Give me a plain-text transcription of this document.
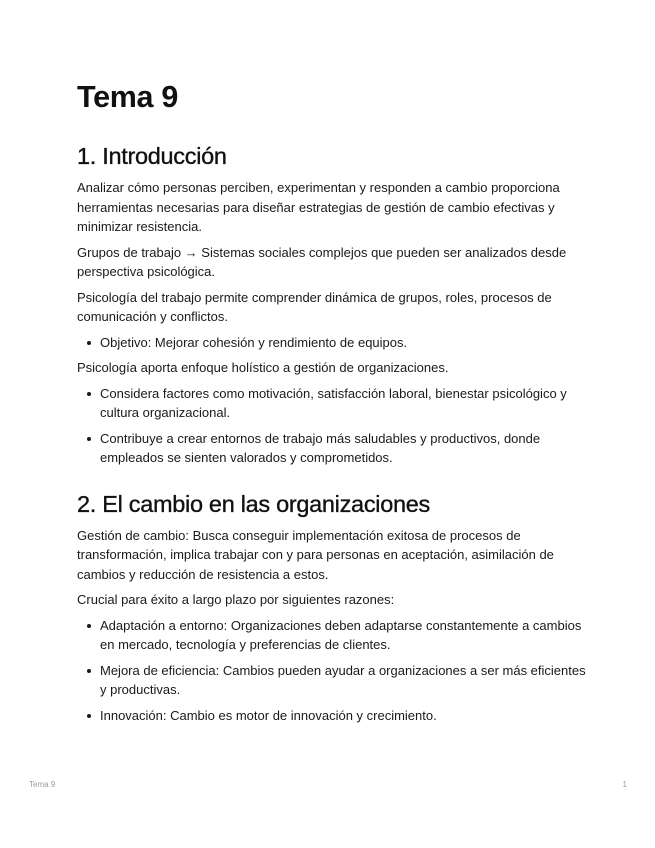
Tema 9
1. Introducción

Analizar cómo personas perciben, experimentan y responden a cambio proporciona herramientas necesarias para diseñar estrategias de gestión de cambio efectivas y minimizar resistencia.

Grupos de trabajo → Sistemas sociales complejos que pueden ser analizados desde perspectiva psicológica.

Psicología del trabajo permite comprender dinámica de grupos, roles, procesos de comunicación y conflictos.

Objetivo: Mejorar cohesión y rendimiento de equipos.

Psicología aporta enfoque holístico a gestión de organizaciones.

Considera factores como motivación, satisfacción laboral, bienestar psicológico y cultura organizacional.
Contribuye a crear entornos de trabajo más saludables y productivos, donde empleados se sienten valorados y comprometidos.
2. El cambio en las organizaciones

Gestión de cambio: Busca conseguir implementación exitosa de procesos de transformación, implica trabajar con y para personas en aceptación, asimilación de cambios y reducción de resistencia a estos.

Crucial para éxito a largo plazo por siguientes razones:

Adaptación a entorno: Organizaciones deben adaptarse constantemente a cambios en mercado, tecnología y preferencias de clientes.
Mejora de eficiencia: Cambios pueden ayudar a organizaciones a ser más eficientes y productivas.
Innovación: Cambio es motor de innovación y crecimiento.
Tema 9	1
